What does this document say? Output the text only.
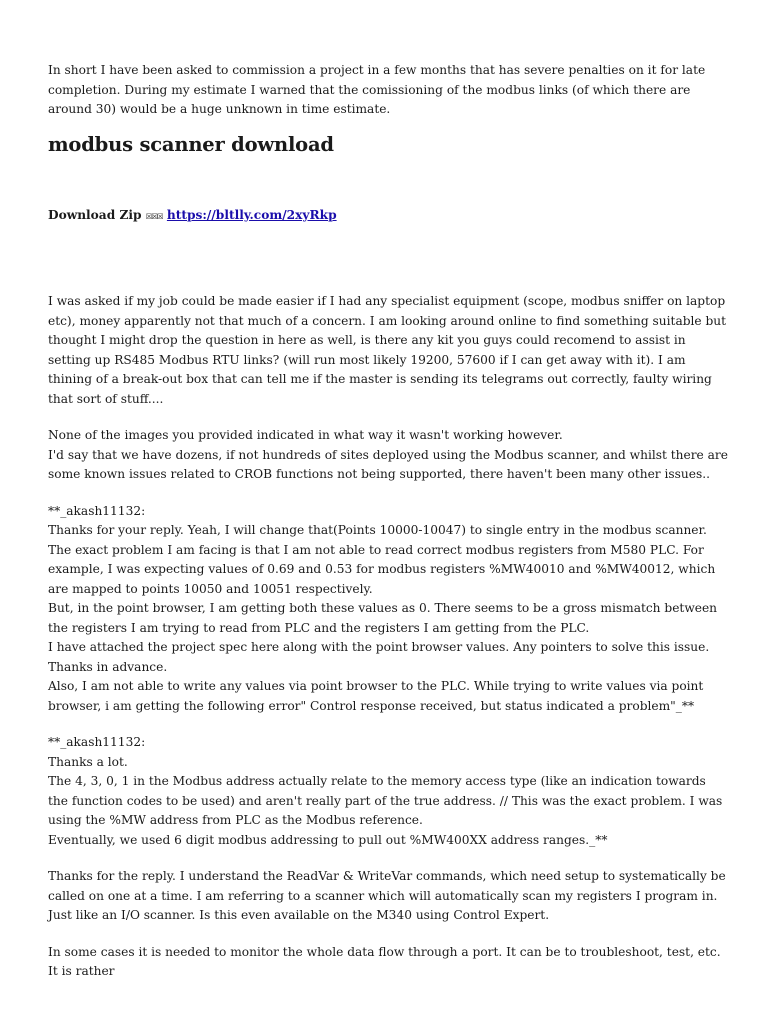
In short I have been asked to commission a project in a few months that has severe penalties on it for late completion. During my estimate I warned that the comissioning of the modbus links (of which there are around 30) would be a huge unknown in time estimate.

modbus scanner download

Download Zip ☒☒☒ https://bltlly.com/2xyRkp

I was asked if my job could be made easier if I had any specialist equipment (scope, modbus sniffer on laptop etc), money apparently not that much of a concern. I am looking around online to find something suitable but thought I might drop the question in here as well, is there any kit you guys could recomend to assist in setting up RS485 Modbus RTU links? (will run most likely 19200, 57600 if I can get away with it). I am thining of a break-out box that can tell me if the master is sending its telegrams out correctly, faulty wiring that sort of stuff....

None of the images you provided indicated in what way it wasn't working however.
I'd say that we have dozens, if not hundreds of sites deployed using the Modbus scanner, and whilst there are some known issues related to CROB functions not being supported, there haven't been many other issues..

**_akash11132:
Thanks for your reply. Yeah, I will change that(Points 10000-10047) to single entry in the modbus scanner.
The exact problem I am facing is that I am not able to read correct modbus registers from M580 PLC. For example, I was expecting values of 0.69 and 0.53 for modbus registers %MW40010 and %MW40012, which are mapped to points 10050 and 10051 respectively.
But, in the point browser, I am getting both these values as 0. There seems to be a gross mismatch between the registers I am trying to read from PLC and the registers I am getting from the PLC.
I have attached the project spec here along with the point browser values. Any pointers to solve this issue. Thanks in advance.
Also, I am not able to write any values via point browser to the PLC. While trying to write values via point browser, i am getting the following error" Control response received, but status indicated a problem"_**

**_akash11132:
Thanks a lot.
The 4, 3, 0, 1 in the Modbus address actually relate to the memory access type (like an indication towards the function codes to be used) and aren't really part of the true address. // This was the exact problem. I was using the %MW address from PLC as the Modbus reference.
Eventually, we used 6 digit modbus addressing to pull out %MW400XX address ranges._**

Thanks for the reply. I understand the ReadVar & WriteVar commands, which need setup to systematically be called on one at a time. I am referring to a scanner which will automatically scan my registers I program in. Just like an I/O scanner. Is this even available on the M340 using Control Expert.

In some cases it is needed to monitor the whole data flow through a port. It can be to troubleshoot, test, etc. It is rather
